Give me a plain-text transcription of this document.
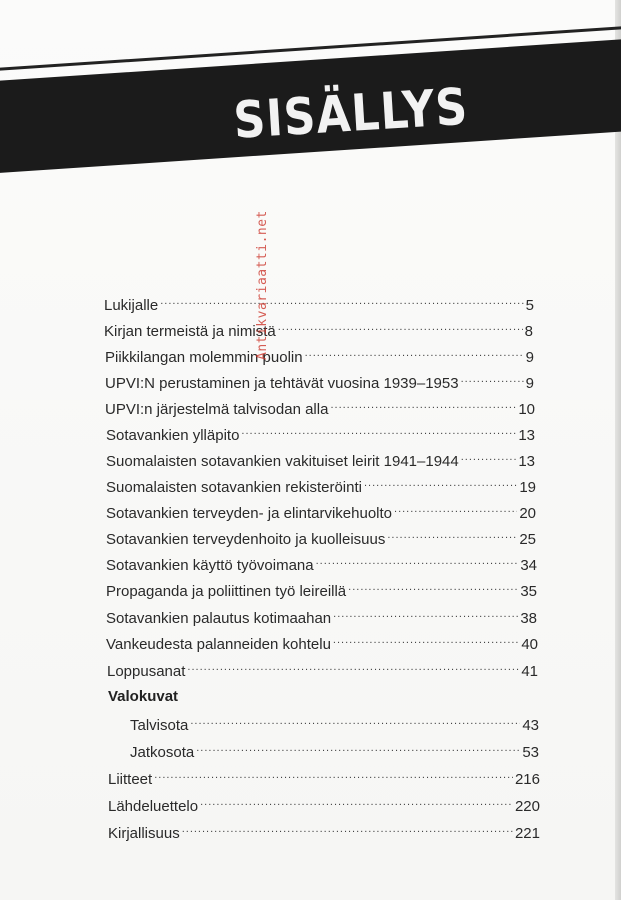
SISÄLLYS
Lukijalle .....	5
Kirjan termeistä ja nimistä .....	8
Piikkilangan molemmin puolin .....	9
UPVI:N perustaminen ja tehtävät vuosina 1939–1953 .....	9
UPVI:n järjestelmä talvisodan alla .....	10
Sotavankien ylläpito .....	13
Suomalaisten sotavankien vakituiset leirit 1941–1944 .....	13
Suomalaisten sotavankien rekisteröinti .....	19
Sotavankien terveyden- ja elintarvikehuolto .....	20
Sotavankien terveydenhoito ja kuolleisuus .....	25
Sotavankien käyttö työvoimana .....	34
Propaganda ja poliittinen työ leireillä .....	35
Sotavankien palautus kotimaahan .....	38
Vankeudesta palanneiden kohtelu .....	40
Loppusanat .....	41
Valokuvat
Talvisota .....	43
Jatkosota .....	53
Liitteet .....	216
Lähdeluettelo .....	220
Kirjallisuus .....	221
Antikvariaatti.net
